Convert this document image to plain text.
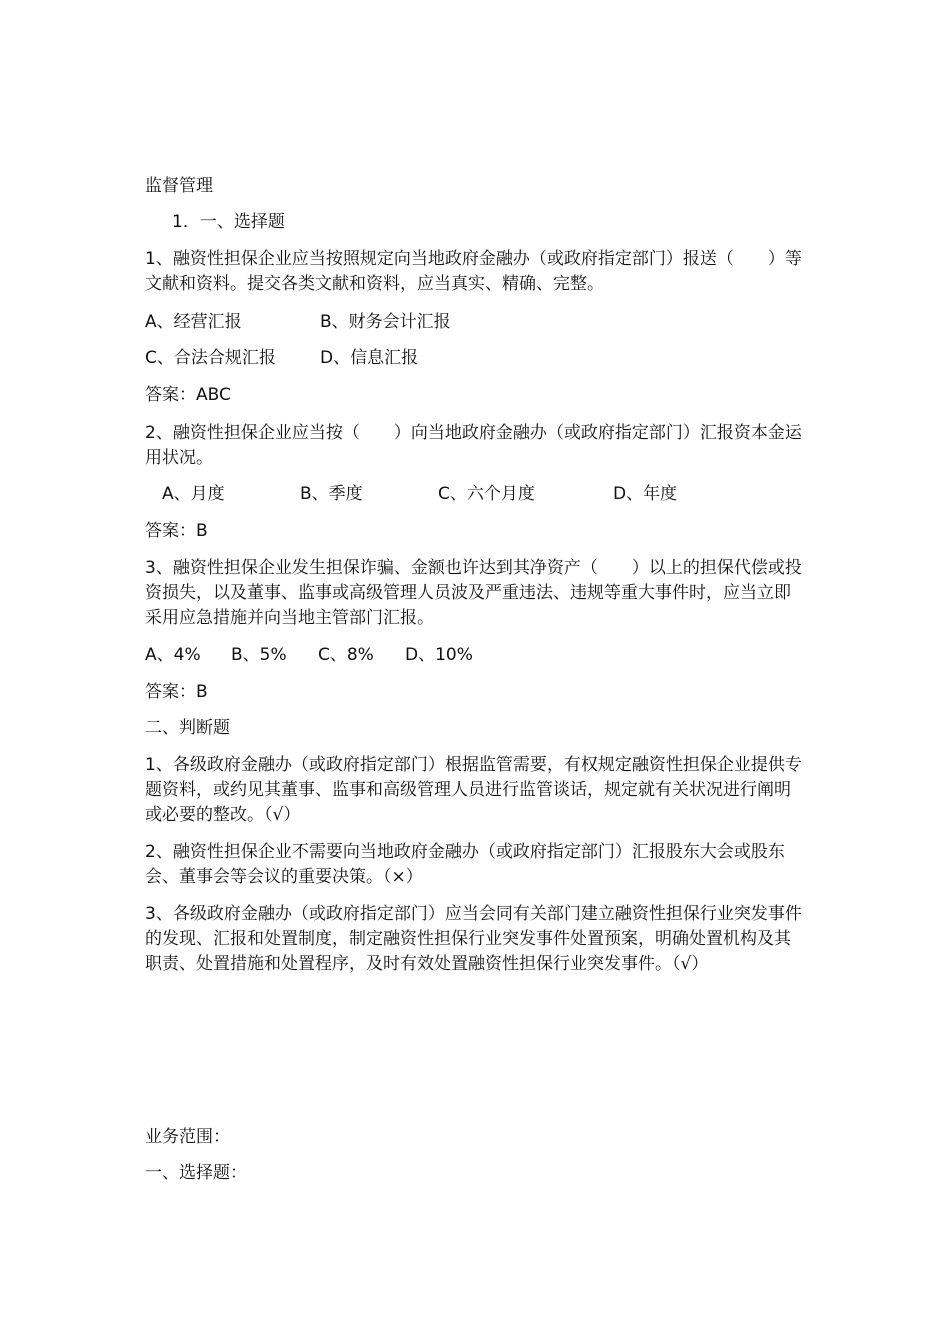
监督管理
1．一、选择题
1、融资性担保企业应当按照规定向当地政府金融办（或政府指定部门）报送（　　）等文献和资料。提交各类文献和资料，应当真实、精确、完整。
A、经营汇报	B、财务会计汇报
C、合法合规汇报	D、信息汇报
答案：ABC
2、融资性担保企业应当按（　　）向当地政府金融办（或政府指定部门）汇报资本金运用状况。
A、月度	B、季度	C、六个月度	D、年度
答案：B
3、融资性担保企业发生担保诈骗、金额也许达到其净资产（　　）以上的担保代偿或投资损失，以及董事、监事或高级管理人员波及严重违法、违规等重大事件时，应当立即采用应急措施并向当地主管部门汇报。
A、4% B、5% C、8% D、10%
答案：B
二、判断题
1、各级政府金融办（或政府指定部门）根据监管需要，有权规定融资性担保企业提供专题资料，或约见其董事、监事和高级管理人员进行监管谈话，规定就有关状况进行阐明或必要的整改。（√）
2、融资性担保企业不需要向当地政府金融办（或政府指定部门）汇报股东大会或股东会、董事会等会议的重要决策。（×）
3、各级政府金融办（或政府指定部门）应当会同有关部门建立融资性担保行业突发事件的发现、汇报和处置制度，制定融资性担保行业突发事件处置预案，明确处置机构及其职责、处置措施和处置程序，及时有效处置融资性担保行业突发事件。（√）
业务范围：
一、选择题：
